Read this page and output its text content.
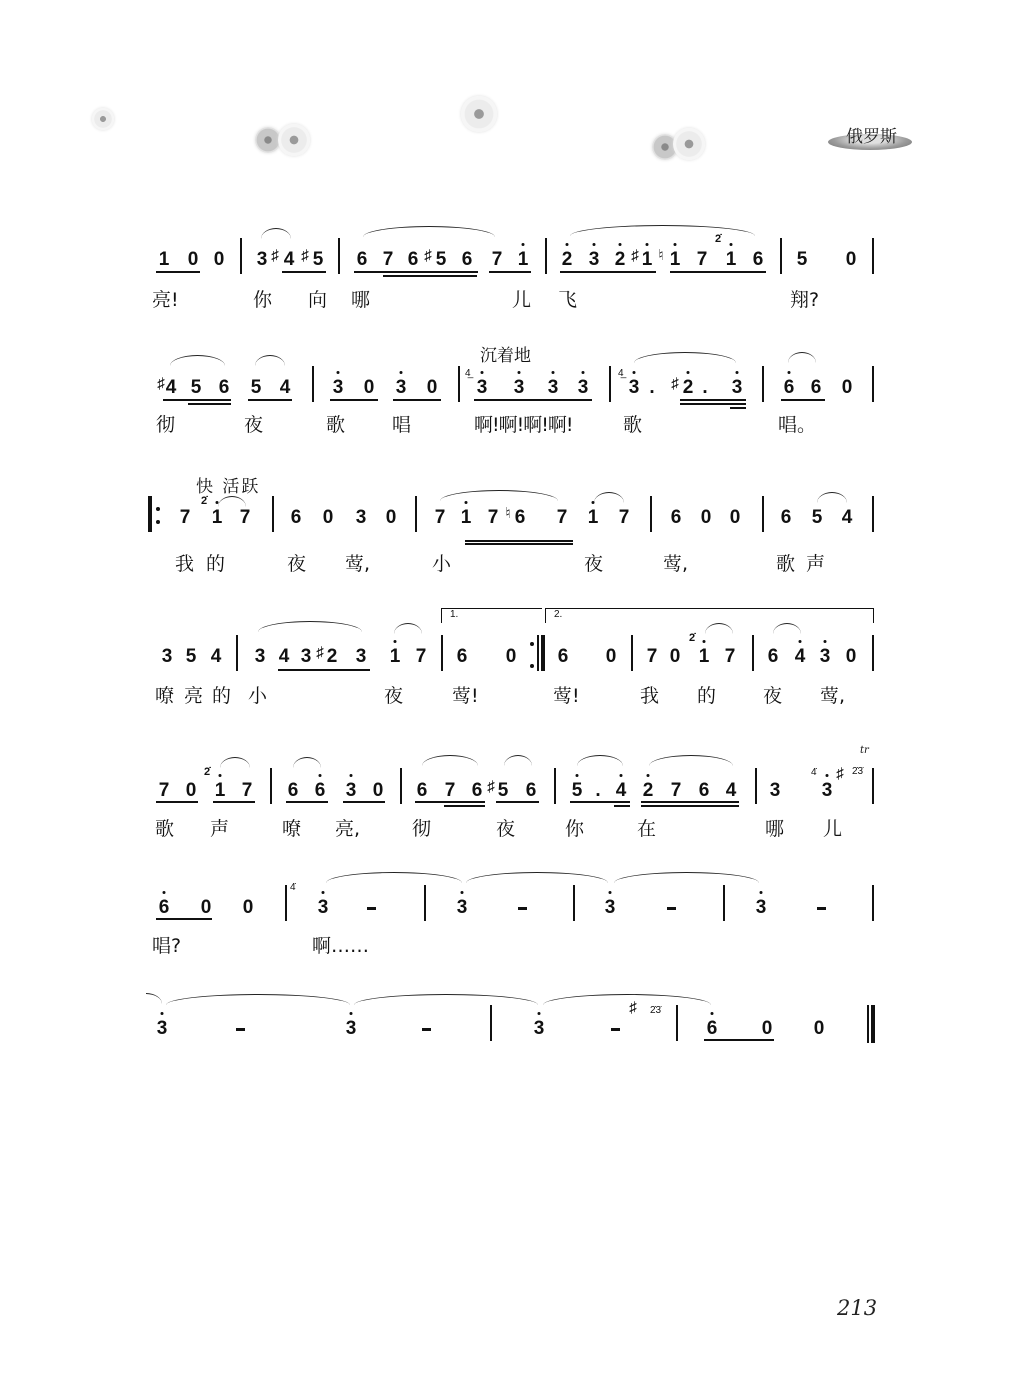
俄罗斯
1 0 0 3 ♯ 4 ♯ 5 6 7 6 ♯ 5 6 7 1 2 3 2 ♯ 1 ♮ 1 7
2̇
1 6 5 0
亮!	你 向 哪	儿 飞	翔?
沉着地
♯ 4 5 6 5 4 3 0 3 0
4̲
3 3 3 3
4̲
3 . ♯ 2 . 3 6 6 0
彻	夜	歌 唱	啊!啊!啊!啊!	歌	唱。
快 活跃
7
2̇
1 7 6 0 3 0 7 1 7 ♮ 6 7 1 7 6 0 0 6 5 4
我 的	夜 莺,	小	夜	莺,	歌 声
1.	2.
3 5 4 3 4 3 ♯ 2 3 1 7 6 0 6 0 7 0
2̇
1 7 6 4 3 0
嘹 亮 的 小	夜	莺!	莺!	我 的 夜 莺,
7 0
2̇
1 7 6 6 3 0 6 7 6 ♯ 5 6 5 . 4 2 7 6 4 3
4̇
3
♯ 2̇3̇
tr
歌 声	嘹 亮,	彻	夜	你	在	哪 儿
6 0 0
4̇
3	3	3	3
唱?	啊……
3	3	3
♯ 2̇3̇
6 0 0
213
